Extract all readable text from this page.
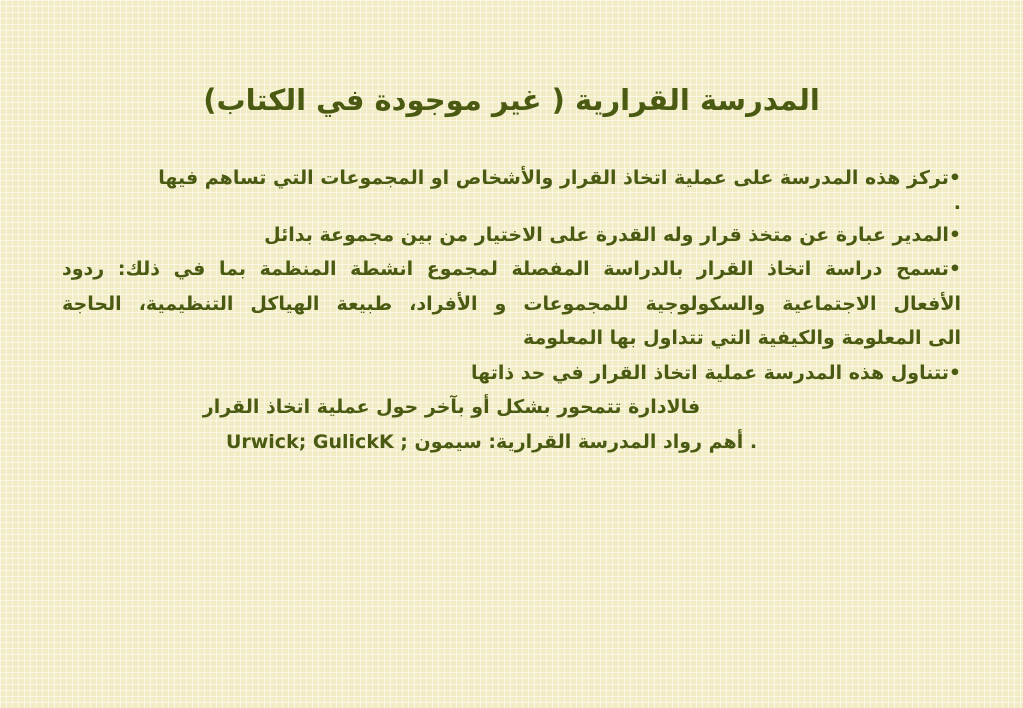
المدرسة القرارية ( غير موجودة في الكتاب)
•تركز هذه المدرسة على عملية اتخاذ القرار والأشخاص او المجموعات التي تساهم فيها
.
•المدير عبارة عن متخذ قرار وله القدرة على الاختيار من بين مجموعة بدائل
•تسمح دراسة اتخاذ القرار بالدراسة المفصلة لمجموع انشطة المنظمة بما في ذلك: ردود
الأفعال الاجتماعية والسكولوجية للمجموعات و الأفراد، طبيعة الهياكل التنظيمية، الحاجة
الى المعلومة والكيفية التي تتداول بها المعلومة
•تتناول هذه المدرسة عملية اتخاذ القرار في حد ذاتها
فالادارة تتمحور بشكل أو بآخر حول عملية اتخاذ القرار
. أهم رواد المدرسة القرارية: سيمون ; Urwick; GulickK
